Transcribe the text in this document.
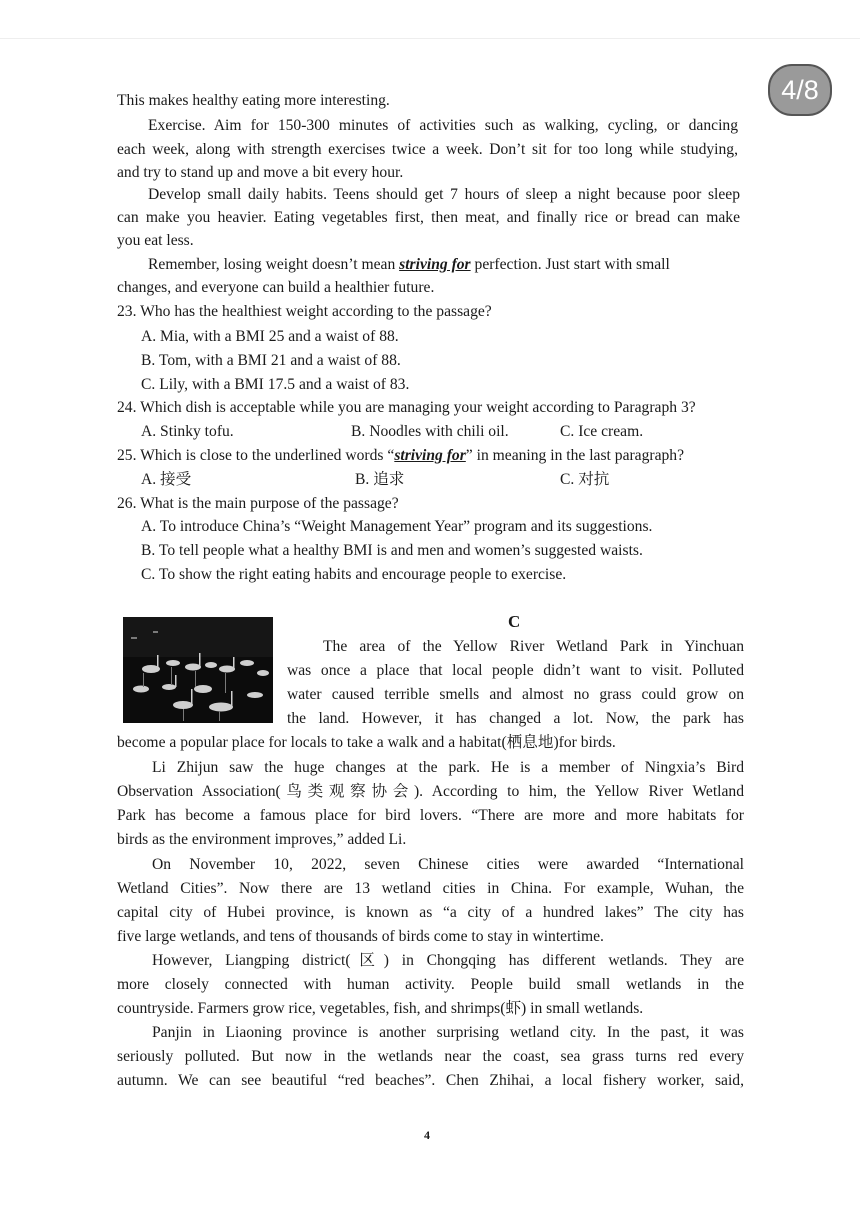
4/8
This makes healthy eating more interesting.
Exercise. Aim for 150-300 minutes of activities such as walking, cycling, or dancing
each week, along with strength exercises twice a week. Don’t sit for too long while studying,
and try to stand up and move a bit every hour.
Develop small daily habits. Teens should get 7 hours of sleep a night because poor sleep
can make you heavier. Eating vegetables first, then meat, and finally rice or bread can make
you eat less.
Remember, losing weight doesn’t mean striving for perfection. Just start with small
changes, and everyone can build a healthier future.
23. Who has the healthiest weight according to the passage?
A. Mia, with a BMI 25 and a waist of 88.
B. Tom, with a BMI 21 and a waist of 88.
C. Lily, with a BMI 17.5 and a waist of 83.
24. Which dish is acceptable while you are managing your weight according to Paragraph 3?
A. Stinky tofu.	B. Noodles with chili oil.	C. Ice cream.
25. Which is close to the underlined words “striving for” in meaning in the last paragraph?
A. 接受	B. 追求	C. 对抗
26. What is the main purpose of the passage?
A. To introduce China’s “Weight Management Year” program and its suggestions.
B. To tell people what a healthy BMI is and men and women’s suggested waists.
C. To show the right eating habits and encourage people to exercise.
C
The area of the Yellow River Wetland Park in Yinchuan
was once a place that local people didn’t want to visit. Polluted
water caused terrible smells and almost no grass could grow on
the land. However, it has changed a lot. Now, the park has
become a popular place for locals to take a walk and a habitat(栖息地)for birds.
Li Zhijun saw the huge changes at the park. He is a member of Ningxia’s Bird
Observation Association(鸟类观察协会). According to him, the Yellow River Wetland
Park has become a famous place for bird lovers. “There are more and more habitats for
birds as the environment improves,” added Li.
On November 10, 2022, seven Chinese cities were awarded “International
Wetland Cities”. Now there are 13 wetland cities in China. For example, Wuhan, the
capital city of Hubei province, is known as “a city of a hundred lakes” The city has
five large wetlands, and tens of thousands of birds come to stay in wintertime.
However, Liangping district(区) in Chongqing has different wetlands. They are
more closely connected with human activity. People build small wetlands in the
countryside. Farmers grow rice, vegetables, fish, and shrimps(虾) in small wetlands.
Panjin in Liaoning province is another surprising wetland city. In the past, it was
seriously polluted. But now in the wetlands near the coast, sea grass turns red every
autumn. We can see beautiful “red beaches”. Chen Zhihai, a local fishery worker, said,
4
